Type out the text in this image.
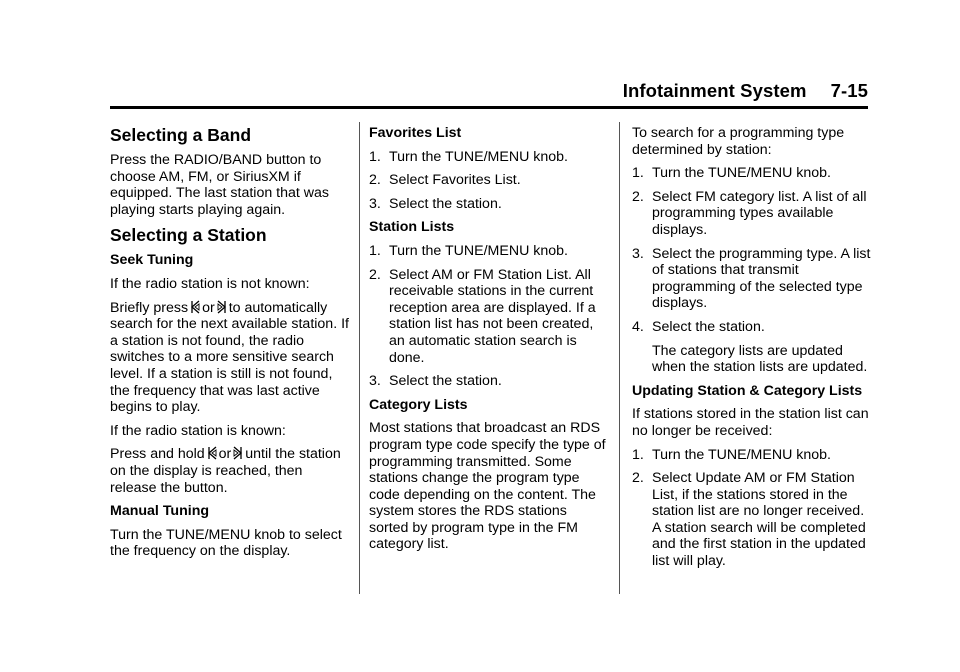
Infotainment System 7-15
Selecting a Band

Press the RADIO/BAND button to choose AM, FM, or SiriusXM if equipped. The last station that was playing starts playing again.

Selecting a Station

Seek Tuning

If the radio station is not known:

Briefly press or to automatically search for the next available station. If a station is not found, the radio switches to a more sensitive search level. If a station is still is not found, the frequency that was last active begins to play.

If the radio station is known:

Press and hold or until the station on the display is reached, then release the button.

Manual Tuning

Turn the TUNE/MENU knob to select the frequency on the display.

Favorites List

1. Turn the TUNE/MENU knob.
2. Select Favorites List.
3. Select the station.

Station Lists

1. Turn the TUNE/MENU knob.
2. Select AM or FM Station List. All receivable stations in the current reception area are displayed. If a station list has not been created, an automatic station search is done.
3. Select the station.

Category Lists

Most stations that broadcast an RDS program type code specify the type of programming transmitted. Some stations change the program type code depending on the content. The system stores the RDS stations sorted by program type in the FM category list.

To search for a programming type determined by station:

1. Turn the TUNE/MENU knob.
2. Select FM category list. A list of all programming types available displays.
3. Select the programming type. A list of stations that transmit programming of the selected type displays.
4. Select the station.

The category lists are updated when the station lists are updated.

Updating Station & Category Lists

If stations stored in the station list can no longer be received:

1. Turn the TUNE/MENU knob.
2. Select Update AM or FM Station List, if the stations stored in the station list are no longer received. A station search will be completed and the first station in the updated list will play.
